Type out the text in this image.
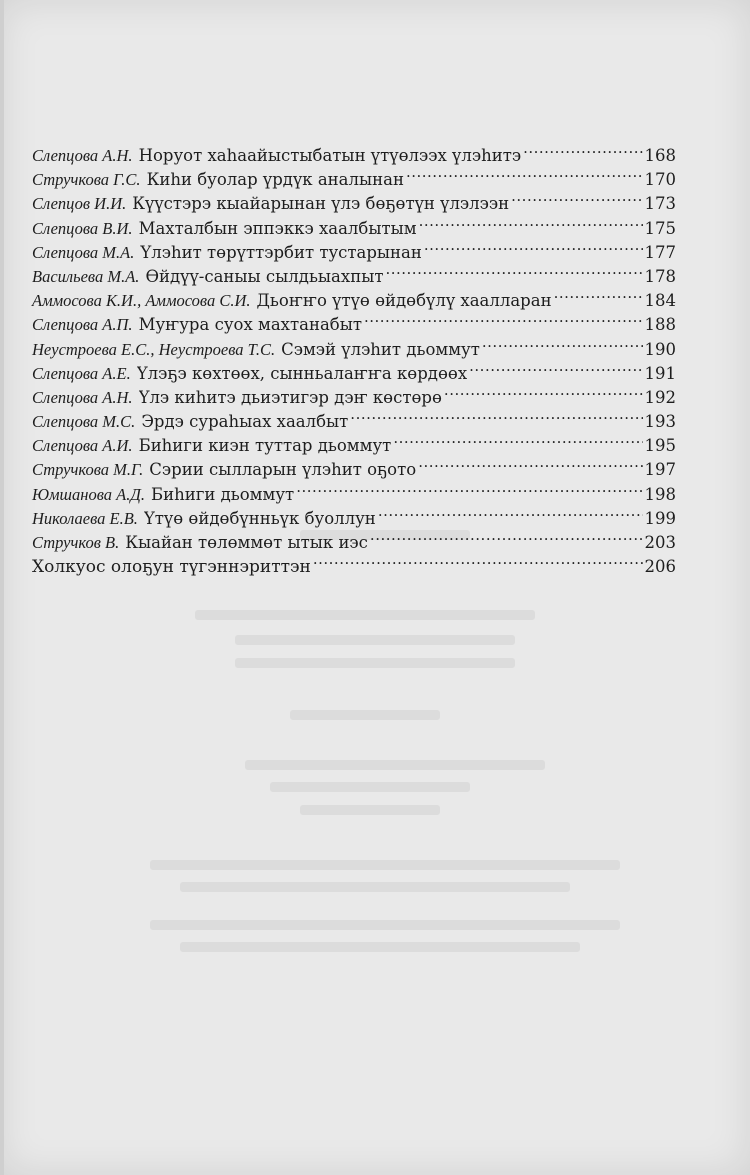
Слепцова А.Н. Норуот хаhаайыстыбатын үтүөлээх үлэhитэ .....	168
Стручкова Г.С. Киhи буолар үрдүк аналынан .....	170
Слепцов И.И. Күүстэрэ кыайарынан үлэ бөҕөтүн үлэлээн .....	173
Слепцова В.И. Махталбын эппэккэ хаалбытым .....	175
Слепцова М.А. Үлэhит төрүттэрбит тустарынан .....	177
Васильева М.А. Өйдүү-саныы сылдьыахпыт .....	178
Аммосова К.И., Аммосова С.И. Дьоҥҥо үтүө өйдөбүлү хаалларан .....	184
Слепцова А.П. Муҥура суох махтанабыт .....	188
Неустроева Е.С., Неустроева Т.С. Сэмэй үлэhит дьоммут .....	190
Слепцова А.Е. Үлэҕэ көхтөөх, сынньалаҥҥа көрдөөх .....	191
Слепцова А.Н. Үлэ киhитэ дьиэтигэр дэҥ көстөрө .....	192
Слепцова М.С. Эрдэ сураhыах хаалбыт .....	193
Слепцова А.И. Биhиги киэн туттар дьоммут .....	195
Стручкова М.Г. Сэрии сылларын үлэhит оҕото .....	197
Юмшанова А.Д. Биhиги дьоммут .....	198
Николаева Е.В. Үтүө өйдөбүнньүк буоллун .....	199
Стручков В. Кыайан төлөммөт ытык иэс .....	203
Холкуос олоҕун түгэннэриттэн .....	206
